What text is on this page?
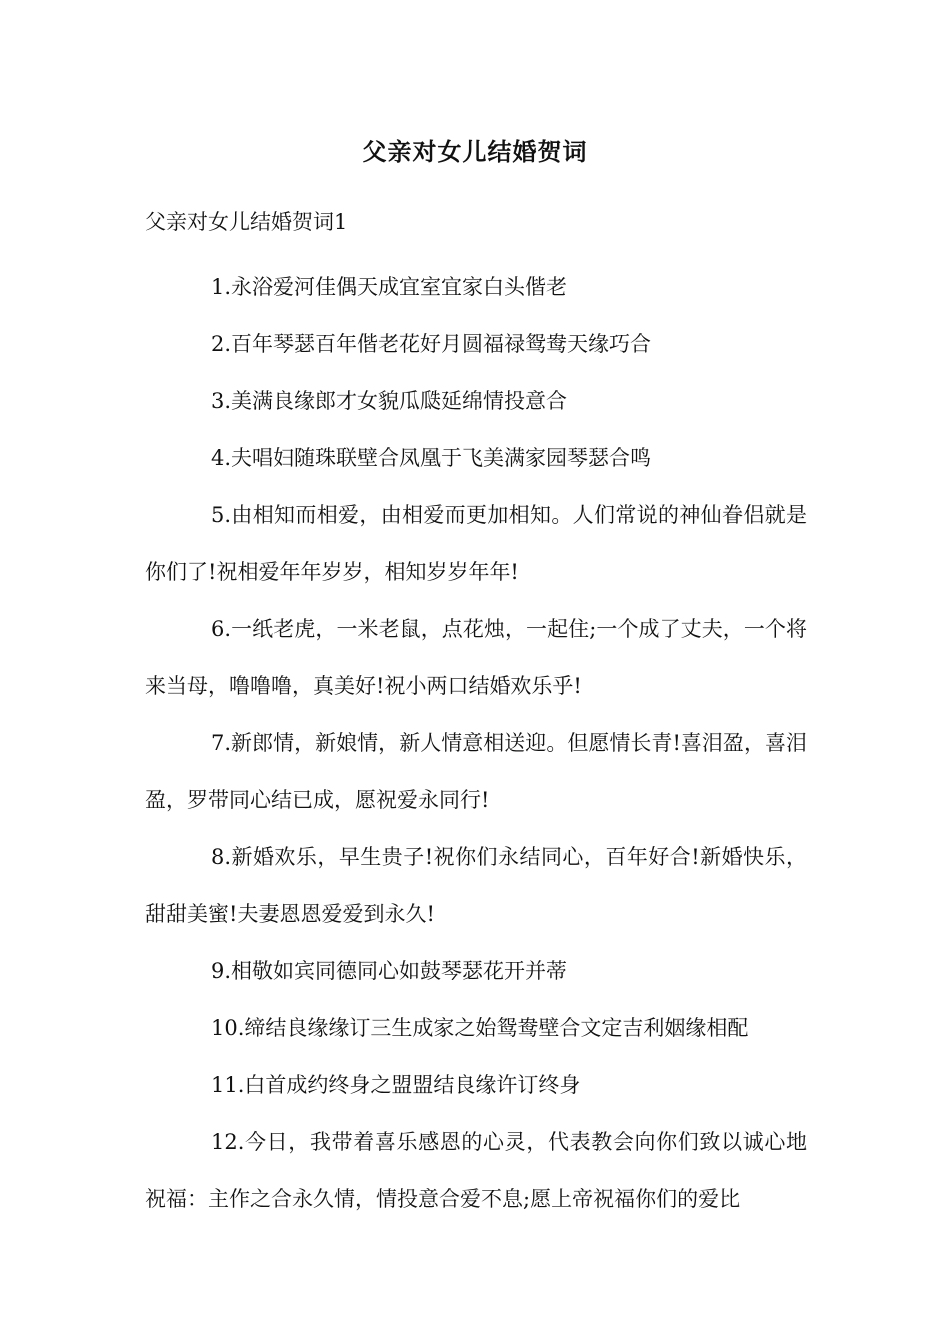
父亲对女儿结婚贺词
父亲对女儿结婚贺词1

1.永浴爱河佳偶天成宜室宜家白头偕老

2.百年琴瑟百年偕老花好月圆福禄鸳鸯天缘巧合

3.美满良缘郎才女貌瓜瓞延绵情投意合

4.夫唱妇随珠联壁合凤凰于飞美满家园琴瑟合鸣

5.由相知而相爱，由相爱而更加相知。人们常说的神仙眷侣就是你们了!祝相爱年年岁岁，相知岁岁年年!

6.一纸老虎，一米老鼠，点花烛，一起住;一个成了丈夫，一个将来当母，噜噜噜，真美好!祝小两口结婚欢乐乎!

7.新郎情，新娘情，新人情意相送迎。但愿情长青!喜泪盈，喜泪盈，罗带同心结已成，愿祝爱永同行!

8.新婚欢乐，早生贵子!祝你们永结同心，百年好合!新婚快乐，甜甜美蜜!夫妻恩恩爱爱到永久!

9.相敬如宾同德同心如鼓琴瑟花开并蒂

10.缔结良缘缘订三生成家之始鸳鸯壁合文定吉利姻缘相配

11.白首成约终身之盟盟结良缘许订终身

12.今日，我带着喜乐感恩的心灵，代表教会向你们致以诚心地祝福：主作之合永久情，情投意合爱不息;愿上帝祝福你们的爱比
